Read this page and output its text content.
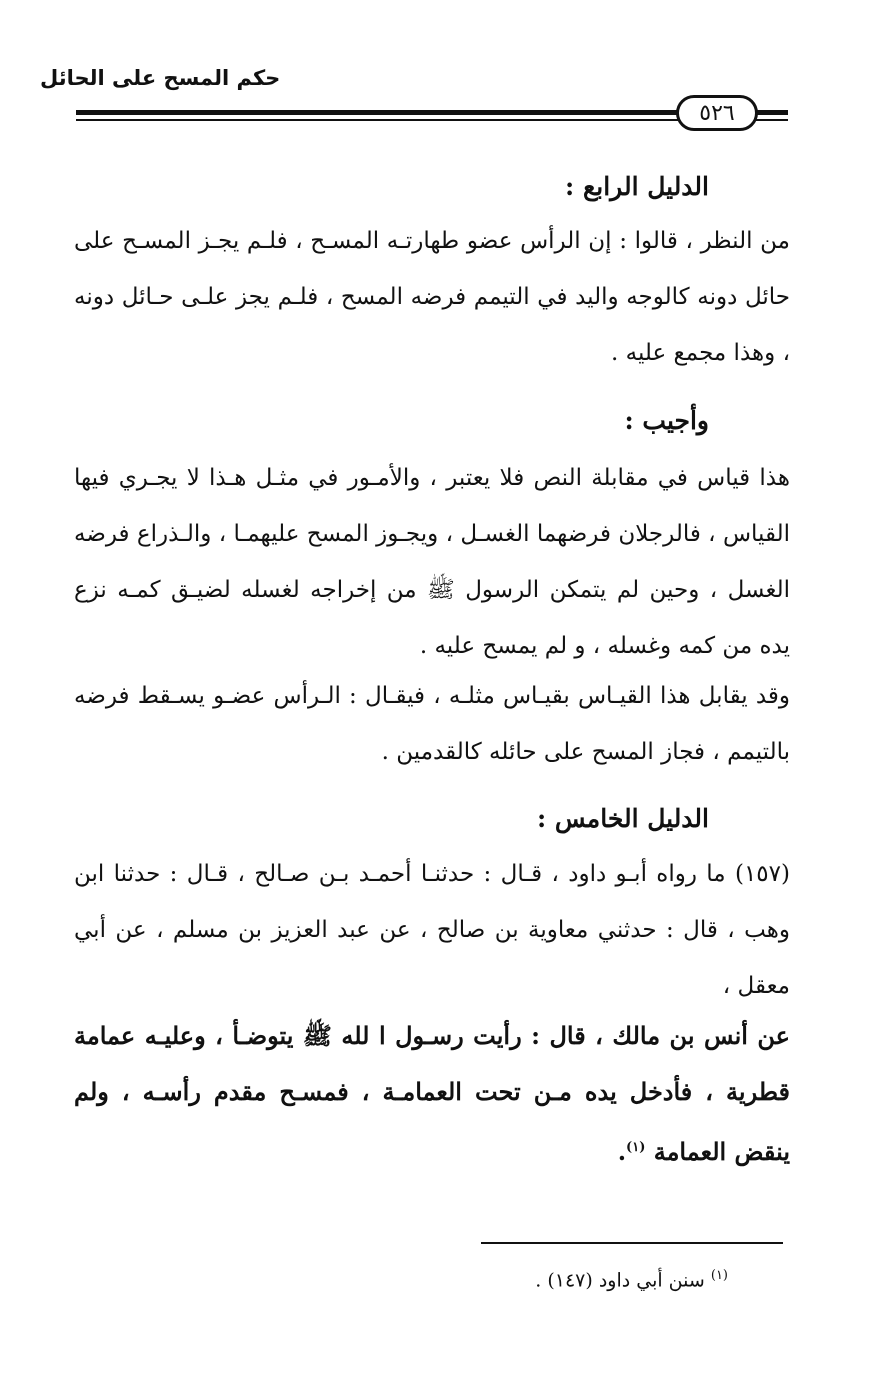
حكم المسح على الحائل
٥٢٦
الدليل الرابع :
من النظر ، قالوا : إن الرأس عضو طهارتـه المسـح ، فلـم يجـز المسـح على حائل دونه كالوجه واليد في التيمم فرضه المسح ، فلـم يجز علـى حـائل دونه ، وهذا مجمع عليه .
وأجيب :
هذا قياس في مقابلة النص فلا يعتبر ، والأمـور في مثـل هـذا لا يجـري فيها القياس ، فالرجلان فرضهما الغسـل ، ويجـوز المسح عليهمـا ، والـذراع فرضه الغسل ، وحين لم يتمكن الرسول ﷺ من إخراجه لغسله لضيـق كمـه نزع يده من كمه وغسله ، و لم يمسح عليه .
وقد يقابل هذا القيـاس بقيـاس مثلـه ، فيقـال : الـرأس عضـو يسـقط فرضه بالتيمم ، فجاز المسح على حائله كالقدمين .
الدليل الخامس :
(١٥٧) ما رواه أبـو داود ، قـال : حدثنـا أحمـد بـن صـالح ، قـال : حدثنا ابن وهب ، قال : حدثني معاوية بن صالح ، عن عبد العزيز بن مسلم ، عن أبي معقل ،
عن أنس بن مالك ، قال : رأيت رسـول ا لله ﷺ يتوضـأ ، وعليـه عمامة قطرية ، فأدخل يده مـن تحت العمامـة ، فمسـح مقدم رأسـه ، ولم ينقض العمامة $^{(١)}$.
$^{(١)}$ سنن أبي داود (١٤٧) .
